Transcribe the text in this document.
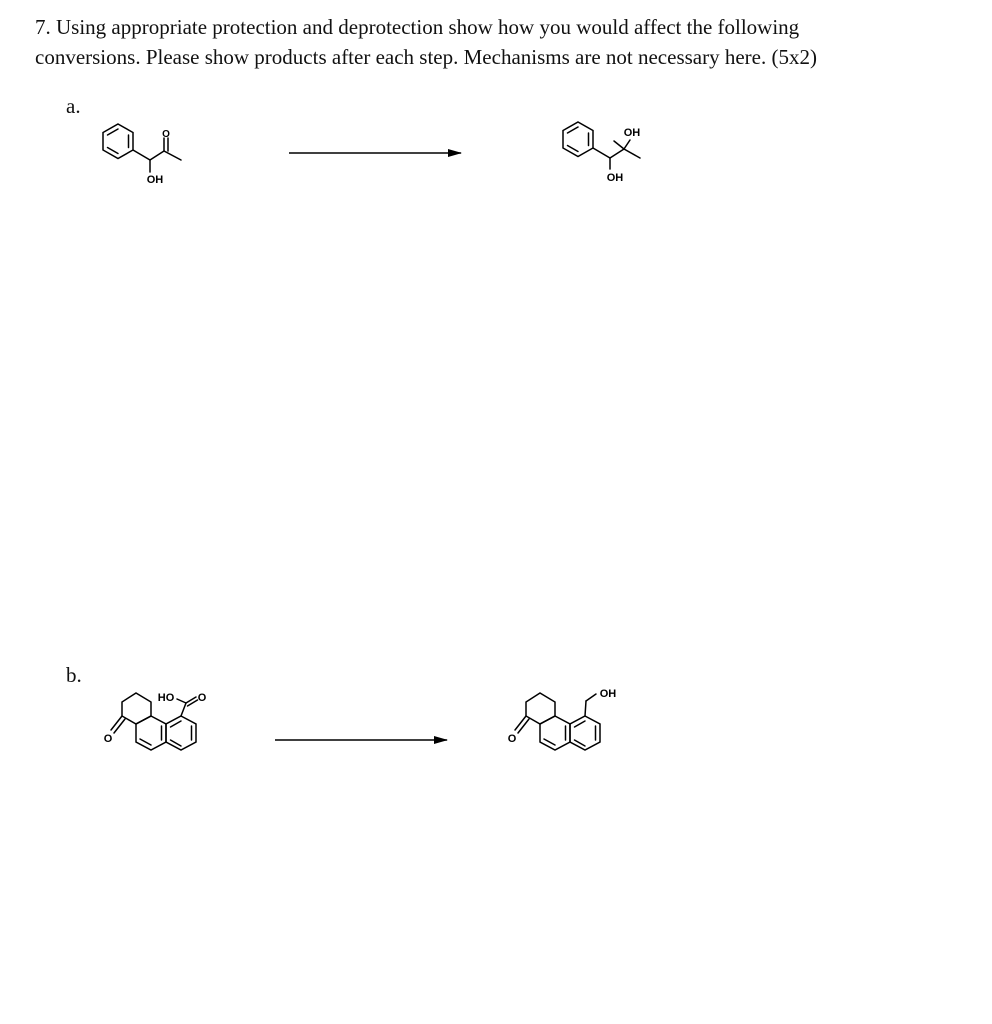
7. Using appropriate protection and deprotection show how you would affect the following
conversions. Please show products after each step. Mechanisms are not necessary here. (5x2)
a.
b.
O
OH
OH
OH
HO O
O
OH
O
